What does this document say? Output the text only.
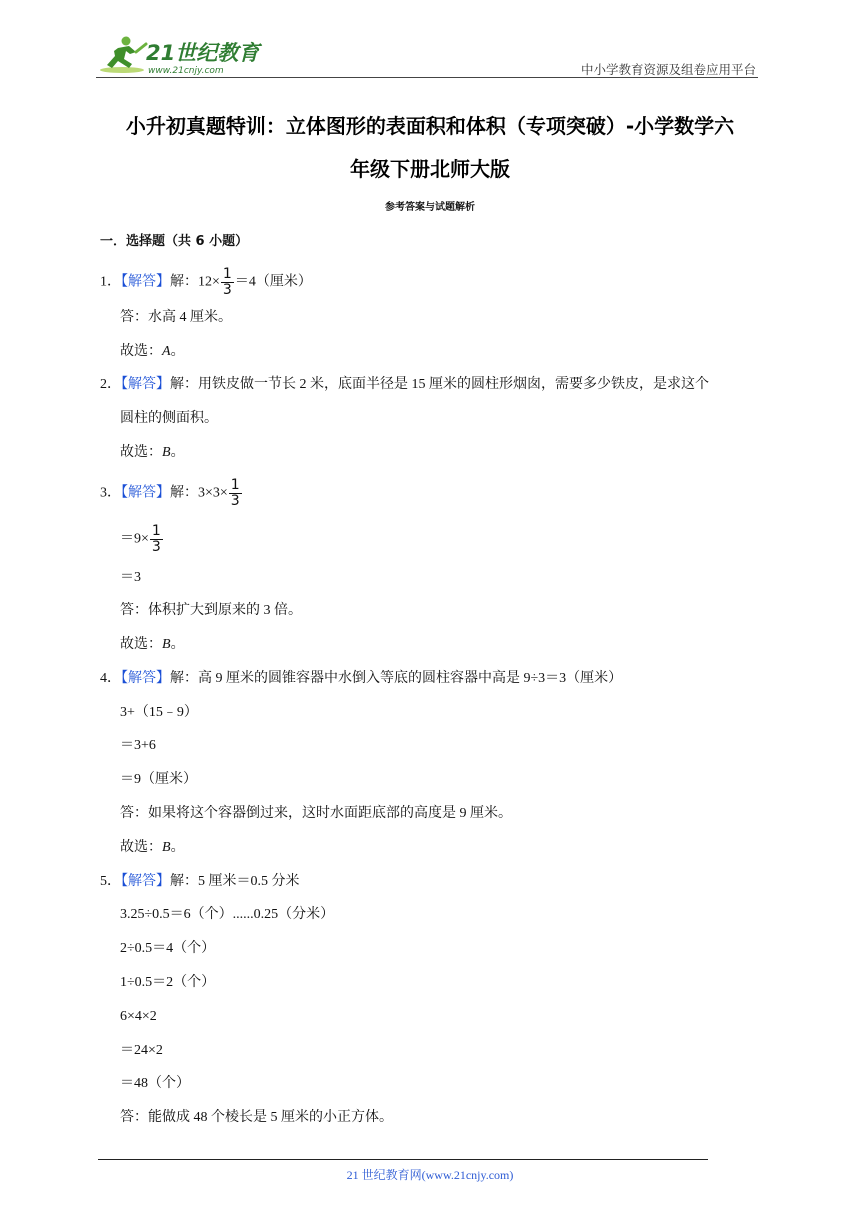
21世纪教育
www.21cnjy.com	中小学教育资源及组卷应用平台
小升初真题特训：立体图形的表面积和体积（专项突破）-小学数学六
年级下册北师大版
参考答案与试题解析
一．选择题（共 6 小题）
1．【解答】解：$12\times \frac{1}{3} =4$（厘米）
答：水高 4 厘米。
故选：A。
2．【解答】解：用铁皮做一节长 2 米，底面半径是 15 厘米的圆柱形烟囱，需要多少铁皮，是求这个
圆柱的侧面积。
故选：B。
3．【解答】解：$3\times 3\times \frac{1}{3}$
$=9\times \frac{1}{3}$
＝3
答：体积扩大到原来的 3 倍。
故选：B。
4．【解答】解：高 9 厘米的圆锥容器中水倒入等底的圆柱容器中高是 9÷3＝3（厘米）
3+（15﹣9）
＝3+6
＝9（厘米）
答：如果将这个容器倒过来，这时水面距底部的高度是 9 厘米。
故选：B。
5．【解答】解：5 厘米＝0.5 分米
3.25÷0.5＝6（个）......0.25（分米）
2÷0.5＝4（个）
1÷0.5＝2（个）
6×4×2
＝24×2
＝48（个）
答：能做成 48 个棱长是 5 厘米的小正方体。
21 世纪教育网(www.21cnjy.com)
